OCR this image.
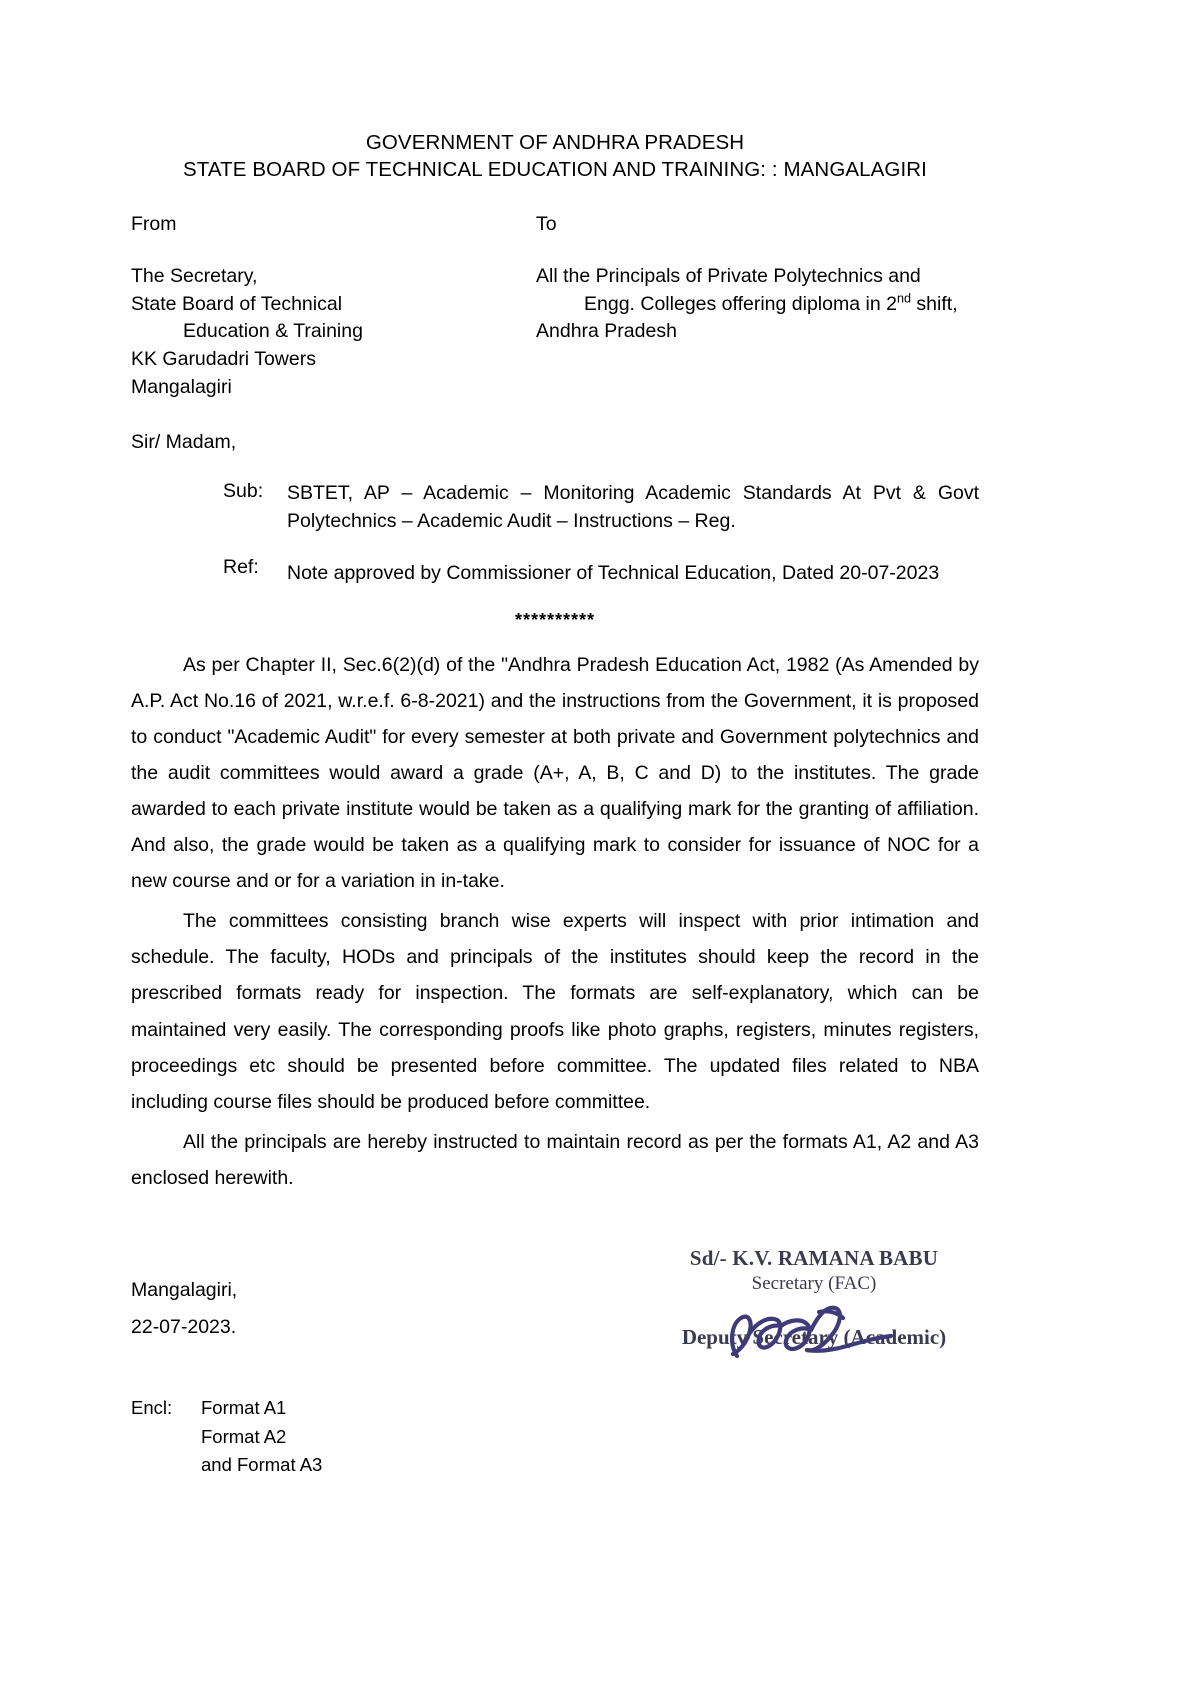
GOVERNMENT OF ANDHRA PRADESH
STATE BOARD OF TECHNICAL EDUCATION AND TRAINING: : MANGALAGIRI
From
The Secretary,
State Board of Technical
Education & Training
KK Garudadri Towers
Mangalagiri
To
All the Principals of Private Polytechnics and
Engg. Colleges offering diploma in 2nd shift,
Andhra Pradesh
Sir/ Madam,
Sub:	SBTET, AP – Academic – Monitoring Academic Standards At Pvt & Govt Polytechnics – Academic Audit – Instructions – Reg.
Ref:	Note approved by Commissioner of Technical Education, Dated 20-07-2023
**********

As per Chapter II, Sec.6(2)(d) of the "Andhra Pradesh Education Act, 1982 (As Amended by A.P. Act No.16 of 2021, w.r.e.f. 6-8-2021) and the instructions from the Government, it is proposed to conduct "Academic Audit" for every semester at both private and Government polytechnics and the audit committees would award a grade (A+, A, B, C and D) to the institutes. The grade awarded to each private institute would be taken as a qualifying mark for the granting of affiliation. And also, the grade would be taken as a qualifying mark to consider for issuance of NOC for a new course and or for a variation in in-take.

The committees consisting branch wise experts will inspect with prior intimation and schedule. The faculty, HODs and principals of the institutes should keep the record in the prescribed formats ready for inspection. The formats are self-explanatory, which can be maintained very easily. The corresponding proofs like photo graphs, registers, minutes registers, proceedings etc should be presented before committee. The updated files related to NBA including course files should be produced before committee.

All the principals are hereby instructed to maintain record as per the formats A1, A2 and A3 enclosed herewith.

Mangalagiri,
22-07-2023.
Sd/- K.V. RAMANA BABU
Secretary (FAC)
Deputy Secretary (Academic)
Encl:	Format A1
Format A2
and Format A3
